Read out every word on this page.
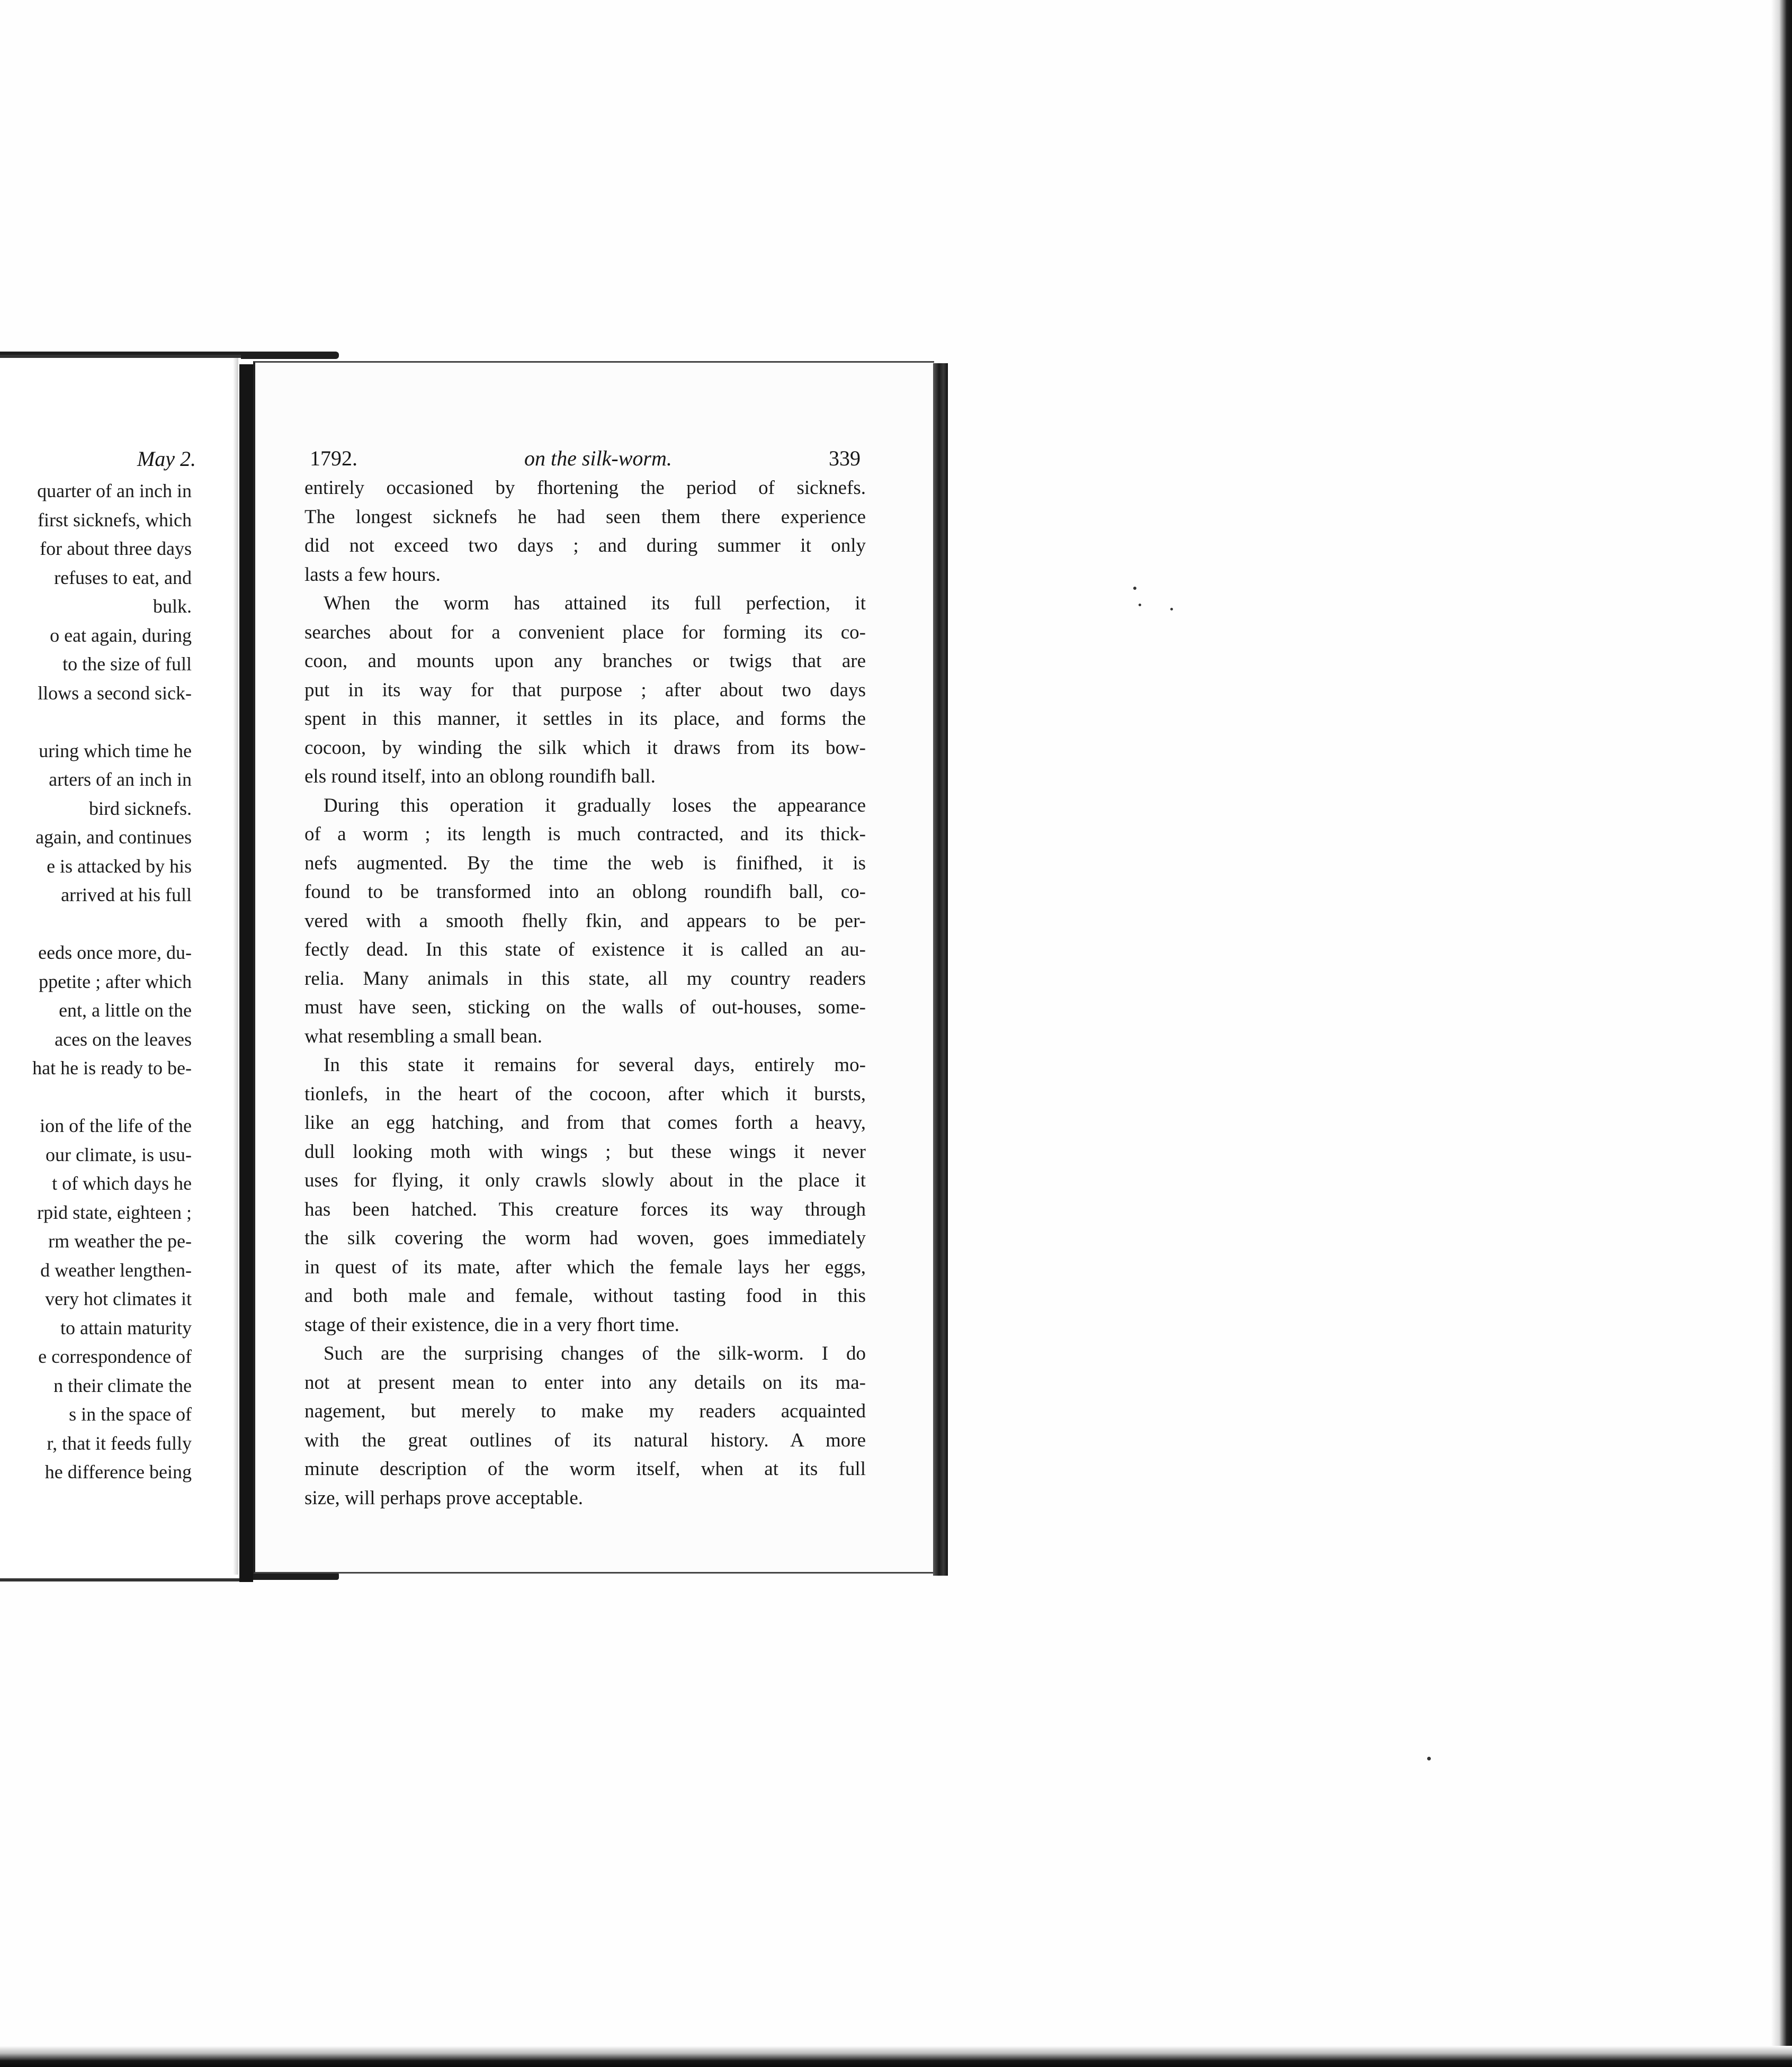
quarter of an inch in
first sicknefs, which
for about three days
refuses to eat, and
bulk.
o eat again, during
to the size of full
llows a second sick-
uring which time he
arters of an inch in
bird sicknefs.
again, and continues
e is attacked by his
arrived at his full
eeds once more, du-
ppetite ; after which
ent, a little on the
aces on the leaves
hat he is ready to be-
ion of the life of the
our climate, is usu-
t of which days he
rpid state, eighteen ;
rm weather the pe-
d weather lengthen-
very hot climates it
to attain maturity
e correspondence of
n their climate the
s in the space of
r, that it feeds fully
he difference being
May 2.	1792.	on the silk-worm.	339
entirely occasioned by fhortening the period of sicknefs.
The longest sicknefs he had seen them there experience
did not exceed two days ; and during summer it only
lasts a few hours.
When the worm has attained its full perfection, it
searches about for a convenient place for forming its co-
coon, and mounts upon any branches or twigs that are
put in its way for that purpose ; after about two days
spent in this manner, it settles in its place, and forms the
cocoon, by winding the silk which it draws from its bow-
els round itself, into an oblong roundifh ball.
During this operation it gradually loses the appearance
of a worm ; its length is much contracted, and its thick-
nefs augmented. By the time the web is finifhed, it is
found to be transformed into an oblong roundifh ball, co-
vered with a smooth fhelly fkin, and appears to be per-
fectly dead. In this state of existence it is called an au-
relia. Many animals in this state, all my country readers
must have seen, sticking on the walls of out-houses, some-
what resembling a small bean.
In this state it remains for several days, entirely mo-
tionlefs, in the heart of the cocoon, after which it bursts,
like an egg hatching, and from that comes forth a heavy,
dull looking moth with wings ; but these wings it never
uses for flying, it only crawls slowly about in the place it
has been hatched. This creature forces its way through
the silk covering the worm had woven, goes immediately
in quest of its mate, after which the female lays her eggs,
and both male and female, without tasting food in this
stage of their existence, die in a very fhort time.
Such are the surprising changes of the silk-worm. I do
not at present mean to enter into any details on its ma-
nagement, but merely to make my readers acquainted
with the great outlines of its natural history. A more
minute description of the worm itself, when at its full
size, will perhaps prove acceptable.
